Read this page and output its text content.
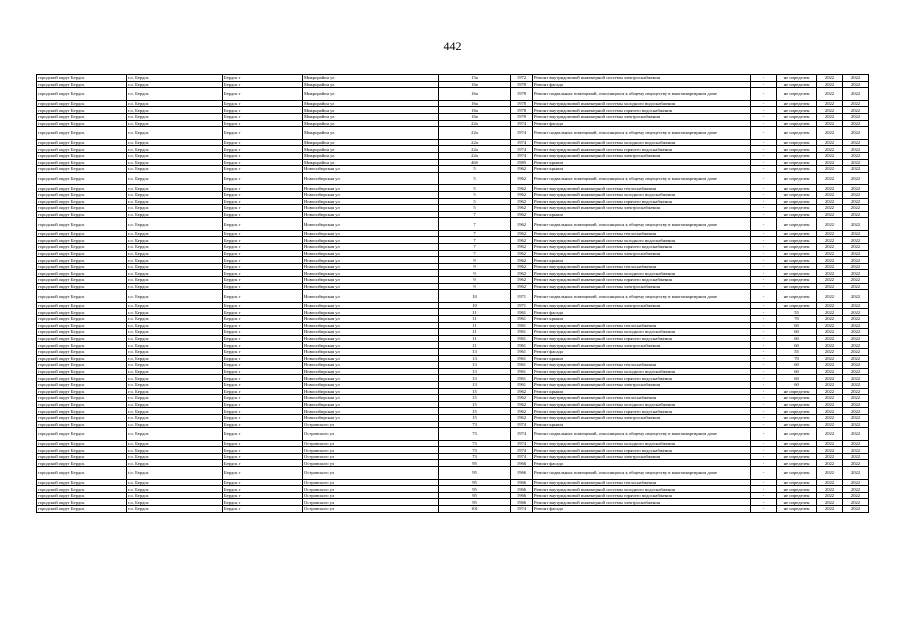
442
городской округ Бердск	г.о. Бердск	Бердск г	Микрорайон ул	15а	1972	Ремонт внутридомовой инженерной системы электроснабжения	-	не определен	2022	2022
городской округ Бердск	г.о. Бердск	Бердск г	Микрорайон ул	16а	1978	Ремонт фасада	-	не определен	2022	2022
городской округ Бердск	г.о. Бердск	Бердск г	Микрорайон ул	16а	1978	Ремонт подвальных помещений, относящихся к общему имуществу в многоквартирном доме	-	не определен	2022	2022
городской округ Бердск	г.о. Бердск	Бердск г	Микрорайон ул	16а	1978	Ремонт внутридомовой инженерной системы холодного водоснабжения	-	не определен	2022	2022
городской округ Бердск	г.о. Бердск	Бердск г	Микрорайон ул	16а	1978	Ремонт внутридомовой инженерной системы горячего водоснабжения	-	не определен	2022	2022
городской округ Бердск	г.о. Бердск	Бердск г	Микрорайон ул	16а	1978	Ремонт внутридомовой инженерной системы электроснабжения	-	не определен	2022	2022
городской округ Бердск	г.о. Бердск	Бердск г	Микрорайон ул	22а	1974	Ремонт фасада	-	не определен	2022	2022
городской округ Бердск	г.о. Бердск	Бердск г	Микрорайон ул	22а	1974	Ремонт подвальных помещений, относящихся к общему имуществу в многоквартирном доме	-	не определен	2022	2022
городской округ Бердск	г.о. Бердск	Бердск г	Микрорайон ул	22а	1974	Ремонт внутридомовой инженерной системы холодного водоснабжения	-	не определен	2022	2022
городской округ Бердск	г.о. Бердск	Бердск г	Микрорайон ул	22а	1974	Ремонт внутридомовой инженерной системы горячего водоснабжения	-	не определен	2022	2022
городской округ Бердск	г.о. Бердск	Бердск г	Микрорайон ул	22а	1974	Ремонт внутридомовой инженерной системы электроснабжения	-	не определен	2022	2022
городской округ Бердск	г.о. Бердск	Бердск г	Микрорайон ул	46б	1985	Ремонт крыши	-	не определен	2022	2022
городской округ Бердск	г.о. Бердск	Бердск г	Новосибирская ул	5	1962	Ремонт крыши	-	не определен	2022	2022
городской округ Бердск	г.о. Бердск	Бердск г	Новосибирская ул	5	1962	Ремонт подвальных помещений, относящихся к общему имуществу в многоквартирном доме	-	не определен	2022	2022
городской округ Бердск	г.о. Бердск	Бердск г	Новосибирская ул	5	1962	Ремонт внутридомовой инженерной системы теплоснабжения	-	не определен	2022	2022
городской округ Бердск	г.о. Бердск	Бердск г	Новосибирская ул	5	1962	Ремонт внутридомовой инженерной системы холодного водоснабжения	-	не определен	2022	2022
городской округ Бердск	г.о. Бердск	Бердск г	Новосибирская ул	5	1962	Ремонт внутридомовой инженерной системы горячего водоснабжения	-	не определен	2022	2022
городской округ Бердск	г.о. Бердск	Бердск г	Новосибирская ул	5	1962	Ремонт внутридомовой инженерной системы электроснабжения	-	не определен	2022	2022
городской округ Бердск	г.о. Бердск	Бердск г	Новосибирская ул	7	1962	Ремонт крыши	-	не определен	2022	2022
городской округ Бердск	г.о. Бердск	Бердск г	Новосибирская ул	7	1962	Ремонт подвальных помещений, относящихся к общему имуществу в многоквартирном доме	-	не определен	2022	2022
городской округ Бердск	г.о. Бердск	Бердск г	Новосибирская ул	7	1962	Ремонт внутридомовой инженерной системы теплоснабжения	-	не определен	2022	2022
городской округ Бердск	г.о. Бердск	Бердск г	Новосибирская ул	7	1962	Ремонт внутридомовой инженерной системы холодного водоснабжения	-	не определен	2022	2022
городской округ Бердск	г.о. Бердск	Бердск г	Новосибирская ул	7	1962	Ремонт внутридомовой инженерной системы горячего водоснабжения	-	не определен	2022	2022
городской округ Бердск	г.о. Бердск	Бердск г	Новосибирская ул	7	1962	Ремонт внутридомовой инженерной системы электроснабжения	-	не определен	2022	2022
городской округ Бердск	г.о. Бердск	Бердск г	Новосибирская ул	9	1962	Ремонт крыши	-	не определен	2022	2022
городской округ Бердск	г.о. Бердск	Бердск г	Новосибирская ул	9	1962	Ремонт внутридомовой инженерной системы теплоснабжения	-	не определен	2022	2022
городской округ Бердск	г.о. Бердск	Бердск г	Новосибирская ул	9	1962	Ремонт внутридомовой инженерной системы холодного водоснабжения	-	не определен	2022	2022
городской округ Бердск	г.о. Бердск	Бердск г	Новосибирская ул	9	1962	Ремонт внутридомовой инженерной системы горячего водоснабжения	-	не определен	2022	2022
городской округ Бердск	г.о. Бердск	Бердск г	Новосибирская ул	9	1962	Ремонт внутридомовой инженерной системы электроснабжения	-	не определен	2022	2022
городской округ Бердск	г.о. Бердск	Бердск г	Новосибирская ул	10	1971	Ремонт подвальных помещений, относящихся к общему имуществу в многоквартирном доме	-	не определен	2022	2022
городской округ Бердск	г.о. Бердск	Бердск г	Новосибирская ул	10	1971	Ремонт внутридомовой инженерной системы электроснабжения	-	не определен	2022	2022
городской округ Бердск	г.о. Бердск	Бердск г	Новосибирская ул	11	1961	Ремонт фасада	-	55	2022	2022
городской округ Бердск	г.о. Бердск	Бердск г	Новосибирская ул	11	1961	Ремонт крыши	-	70	2022	2022
городской округ Бердск	г.о. Бердск	Бердск г	Новосибирская ул	11	1961	Ремонт внутридомовой инженерной системы теплоснабжения	-	60	2022	2022
городской округ Бердск	г.о. Бердск	Бердск г	Новосибирская ул	11	1961	Ремонт внутридомовой инженерной системы холодного водоснабжения	-	60	2022	2022
городской округ Бердск	г.о. Бердск	Бердск г	Новосибирская ул	11	1961	Ремонт внутридомовой инженерной системы горячего водоснабжения	-	60	2022	2022
городской округ Бердск	г.о. Бердск	Бердск г	Новосибирская ул	11	1961	Ремонт внутридомовой инженерной системы электроснабжения	-	60	2022	2022
городской округ Бердск	г.о. Бердск	Бердск г	Новосибирская ул	13	1961	Ремонт фасада	-	55	2022	2022
городской округ Бердск	г.о. Бердск	Бердск г	Новосибирская ул	13	1961	Ремонт крыши	-	70	2022	2022
городской округ Бердск	г.о. Бердск	Бердск г	Новосибирская ул	13	1961	Ремонт внутридомовой инженерной системы теплоснабжения	-	60	2022	2022
городской округ Бердск	г.о. Бердск	Бердск г	Новосибирская ул	13	1961	Ремонт внутридомовой инженерной системы холодного водоснабжения	-	60	2022	2022
городской округ Бердск	г.о. Бердск	Бердск г	Новосибирская ул	13	1961	Ремонт внутридомовой инженерной системы горячего водоснабжения	-	60	2022	2022
городской округ Бердск	г.о. Бердск	Бердск г	Новосибирская ул	13	1961	Ремонт внутридомовой инженерной системы электроснабжения	-	60	2022	2022
городской округ Бердск	г.о. Бердск	Бердск г	Новосибирская ул	15	1962	Ремонт крыши	-	не определен	2022	2022
городской округ Бердск	г.о. Бердск	Бердск г	Новосибирская ул	15	1962	Ремонт внутридомовой инженерной системы теплоснабжения	-	не определен	2022	2022
городской округ Бердск	г.о. Бердск	Бердск г	Новосибирская ул	15	1962	Ремонт внутридомовой инженерной системы холодного водоснабжения	-	не определен	2022	2022
городской округ Бердск	г.о. Бердск	Бердск г	Новосибирская ул	15	1962	Ремонт внутридомовой инженерной системы горячего водоснабжения	-	не определен	2022	2022
городской округ Бердск	г.о. Бердск	Бердск г	Новосибирская ул	15	1962	Ремонт внутридомовой инженерной системы электроснабжения	-	не определен	2022	2022
городской округ Бердск	г.о. Бердск	Бердск г	Островского ул	73	1974	Ремонт крыши	-	не определен	2022	2022
городской округ Бердск	г.о. Бердск	Бердск г	Островского ул	73	1974	Ремонт подвальных помещений, относящихся к общему имуществу в многоквартирном доме	-	не определен	2022	2022
городской округ Бердск	г.о. Бердск	Бердск г	Островского ул	73	1974	Ремонт внутридомовой инженерной системы холодного водоснабжения	-	не определен	2022	2022
городской округ Бердск	г.о. Бердск	Бердск г	Островского ул	73	1974	Ремонт внутридомовой инженерной системы горячего водоснабжения	-	не определен	2022	2022
городской округ Бердск	г.о. Бердск	Бердск г	Островского ул	73	1974	Ремонт внутридомовой инженерной системы электроснабжения	-	не определен	2022	2022
городской округ Бердск	г.о. Бердск	Бердск г	Островского ул	95	1966	Ремонт фасада	-	не определен	2022	2022
городской округ Бердск	г.о. Бердск	Бердск г	Островского ул	95	1966	Ремонт подвальных помещений, относящихся к общему имуществу в многоквартирном доме	-	не определен	2022	2022
городской округ Бердск	г.о. Бердск	Бердск г	Островского ул	95	1966	Ремонт внутридомовой инженерной системы теплоснабжения	-	не определен	2022	2022
городской округ Бердск	г.о. Бердск	Бердск г	Островского ул	95	1966	Ремонт внутридомовой инженерной системы холодного водоснабжения	-	не определен	2022	2022
городской округ Бердск	г.о. Бердск	Бердск г	Островского ул	95	1966	Ремонт внутридомовой инженерной системы горячего водоснабжения	-	не определен	2022	2022
городской округ Бердск	г.о. Бердск	Бердск г	Островского ул	95	1966	Ремонт внутридомовой инженерной системы электроснабжения	-	не определен	2022	2022
городской округ Бердск	г.о. Бердск	Бердск г	Островского ул	101	1974	Ремонт фасада	-	не определен	2022	2022
